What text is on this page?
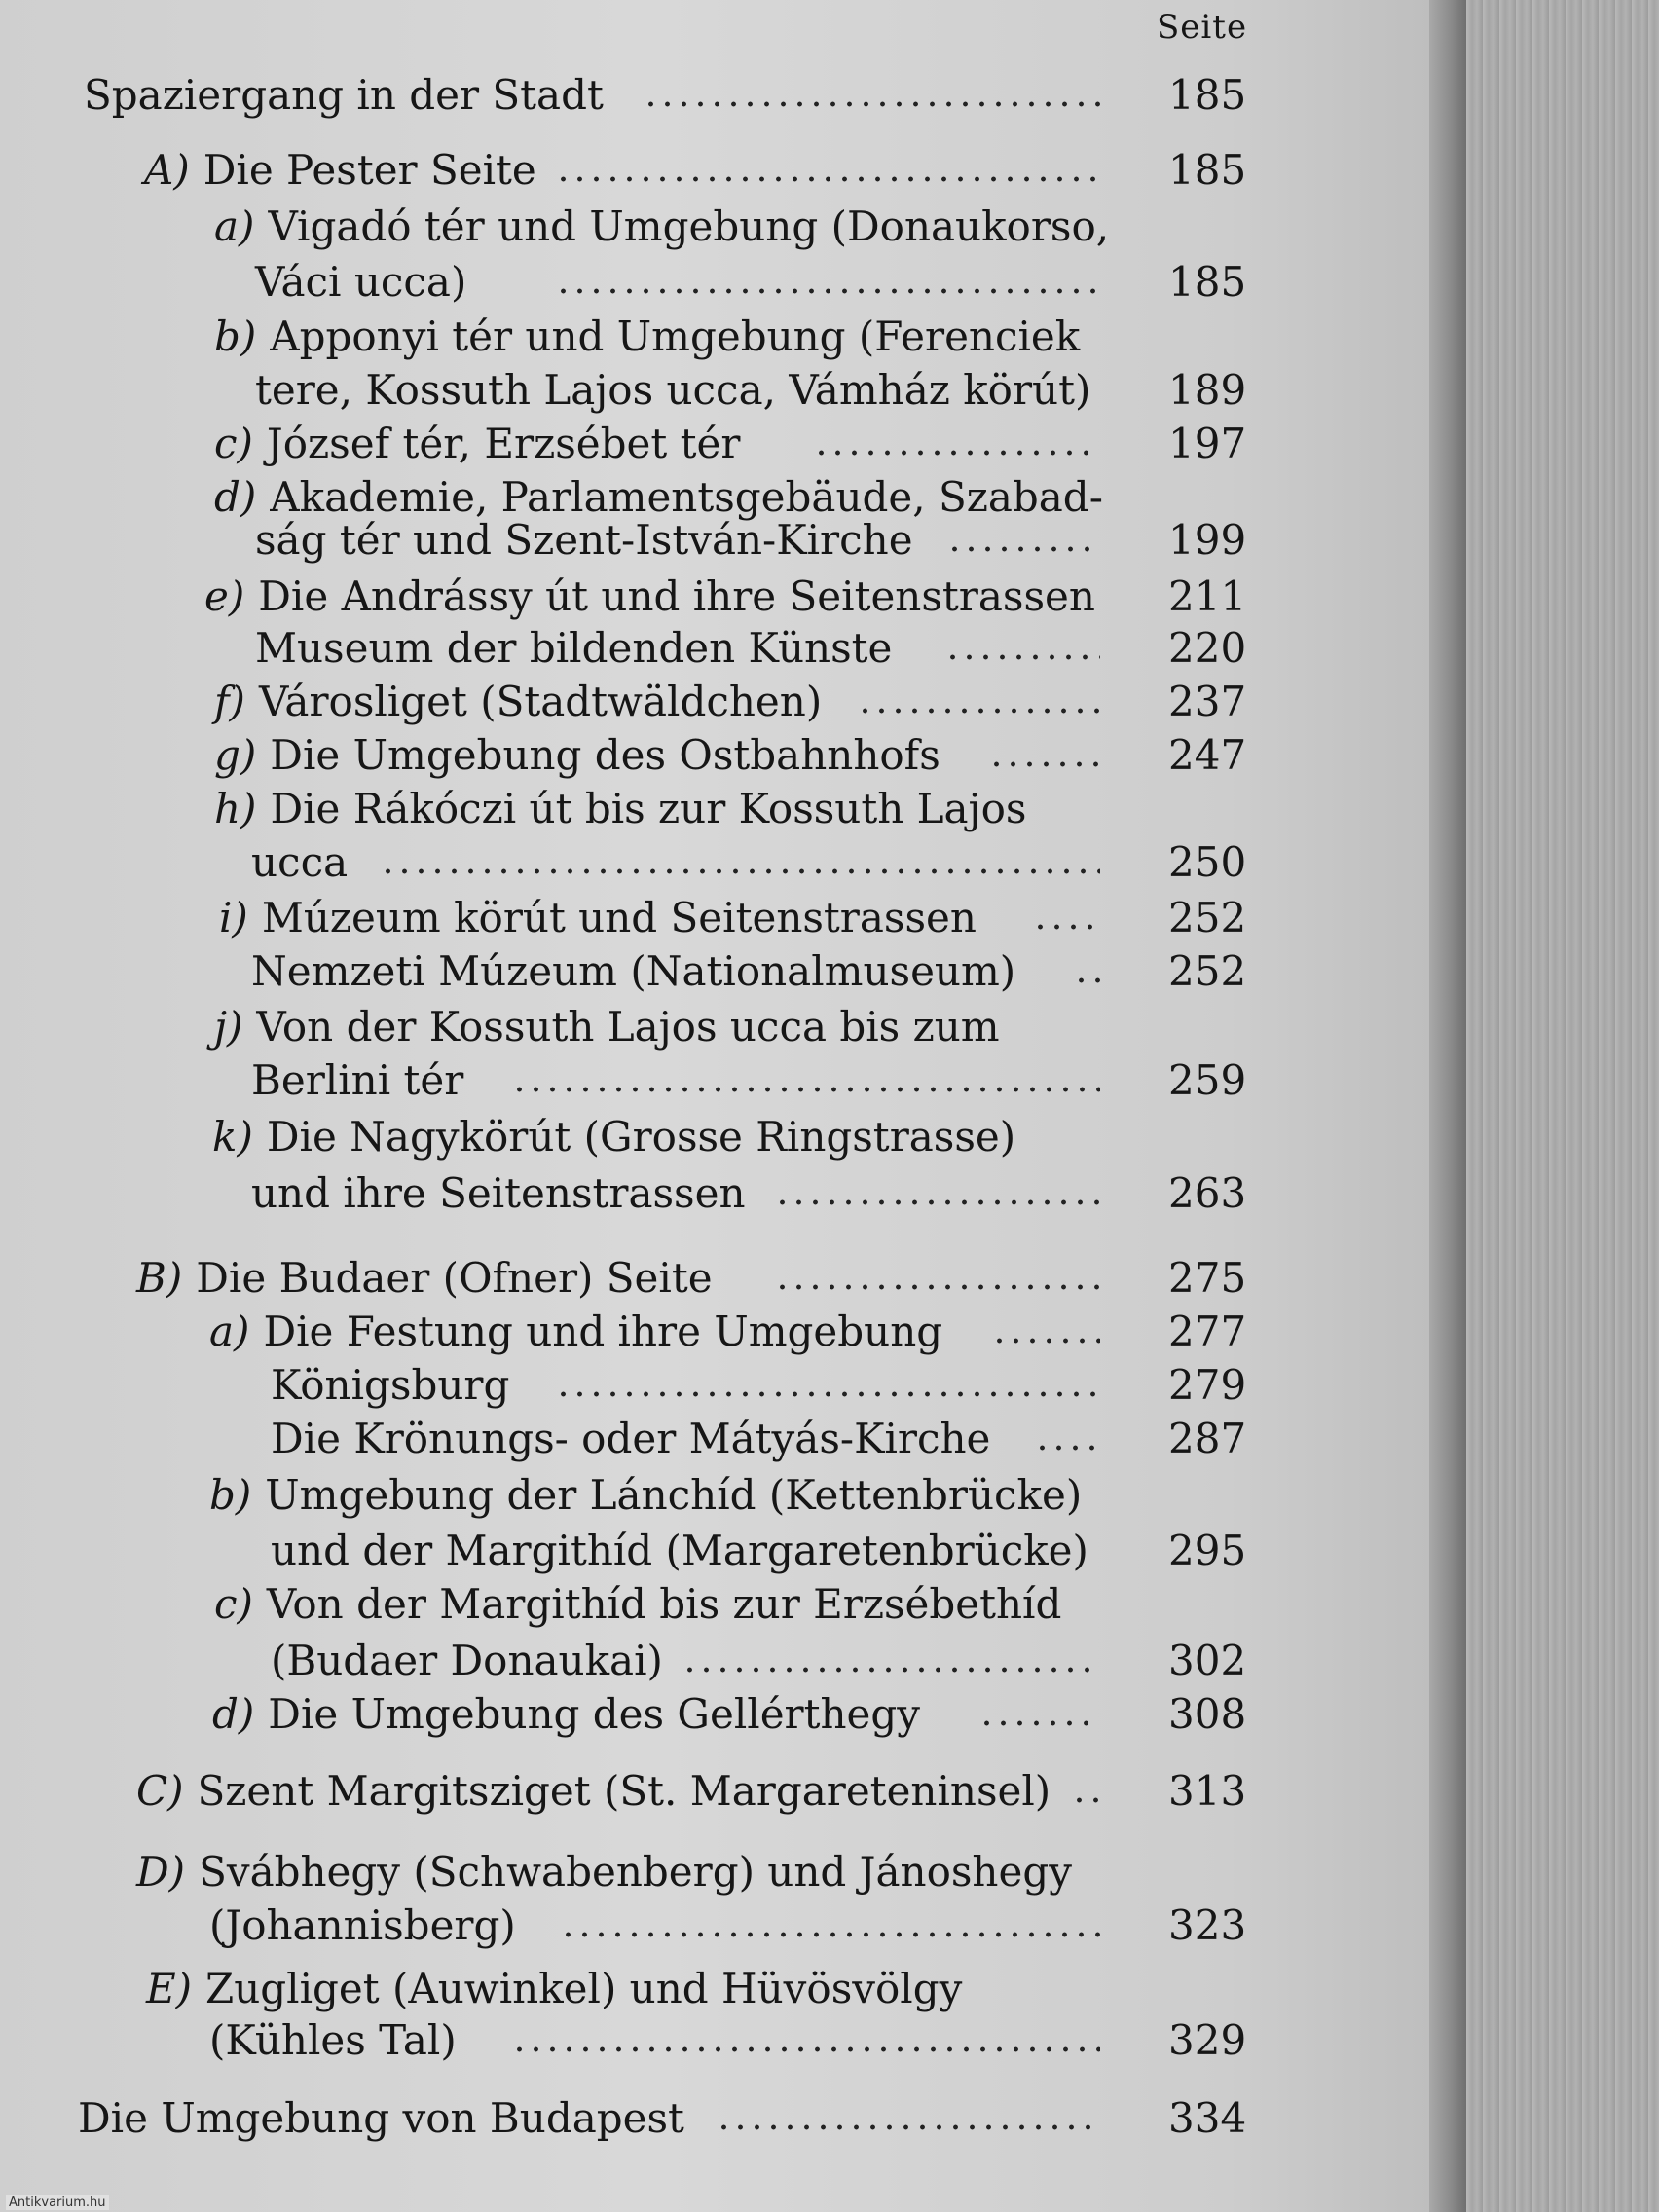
Seite
Spaziergang in der Stadt	185
A) Die Pester Seite	185
a) Vigadó tér und Umgebung (Donaukorso,
Váci ucca)	185
b) Apponyi tér und Umgebung (Ferenciek
tere, Kossuth Lajos ucca, Vámház körút) 189
c) József tér, Erzsébet tér	197
d) Akademie, Parlamentsgebäude, Szabad-
ság tér und Szent-István-Kirche	199
e) Die Andrássy út und ihre Seitenstrassen 211
Museum der bildenden Künste	220
f) Városliget (Stadtwäldchen)	237
g) Die Umgebung des Ostbahnhofs	247
h) Die Rákóczi út bis zur Kossuth Lajos
ucca	250
i) Múzeum körút und Seitenstrassen	252
Nemzeti Múzeum (Nationalmuseum)	252
j) Von der Kossuth Lajos ucca bis zum
Berlini tér	259
k) Die Nagykörút (Grosse Ringstrasse)
und ihre Seitenstrassen	263
B) Die Budaer (Ofner) Seite	275
a) Die Festung und ihre Umgebung	277
Königsburg	279
Die Krönungs- oder Mátyás-Kirche	287
b) Umgebung der Lánchíd (Kettenbrücke)
und der Margithíd (Margaretenbrücke) 295
c) Von der Margithíd bis zur Erzsébethíd
(Budaer Donaukai)	302
d) Die Umgebung des Gellérthegy	308
C) Szent Margitsziget (St. Margareteninsel)	313
D) Svábhegy (Schwabenberg) und Jánoshegy
(Johannisberg)	323
E) Zugliget (Auwinkel) und Hüvösvölgy
(Kühles Tal)	329
Die Umgebung von Budapest	334
Antikvarium.hu
